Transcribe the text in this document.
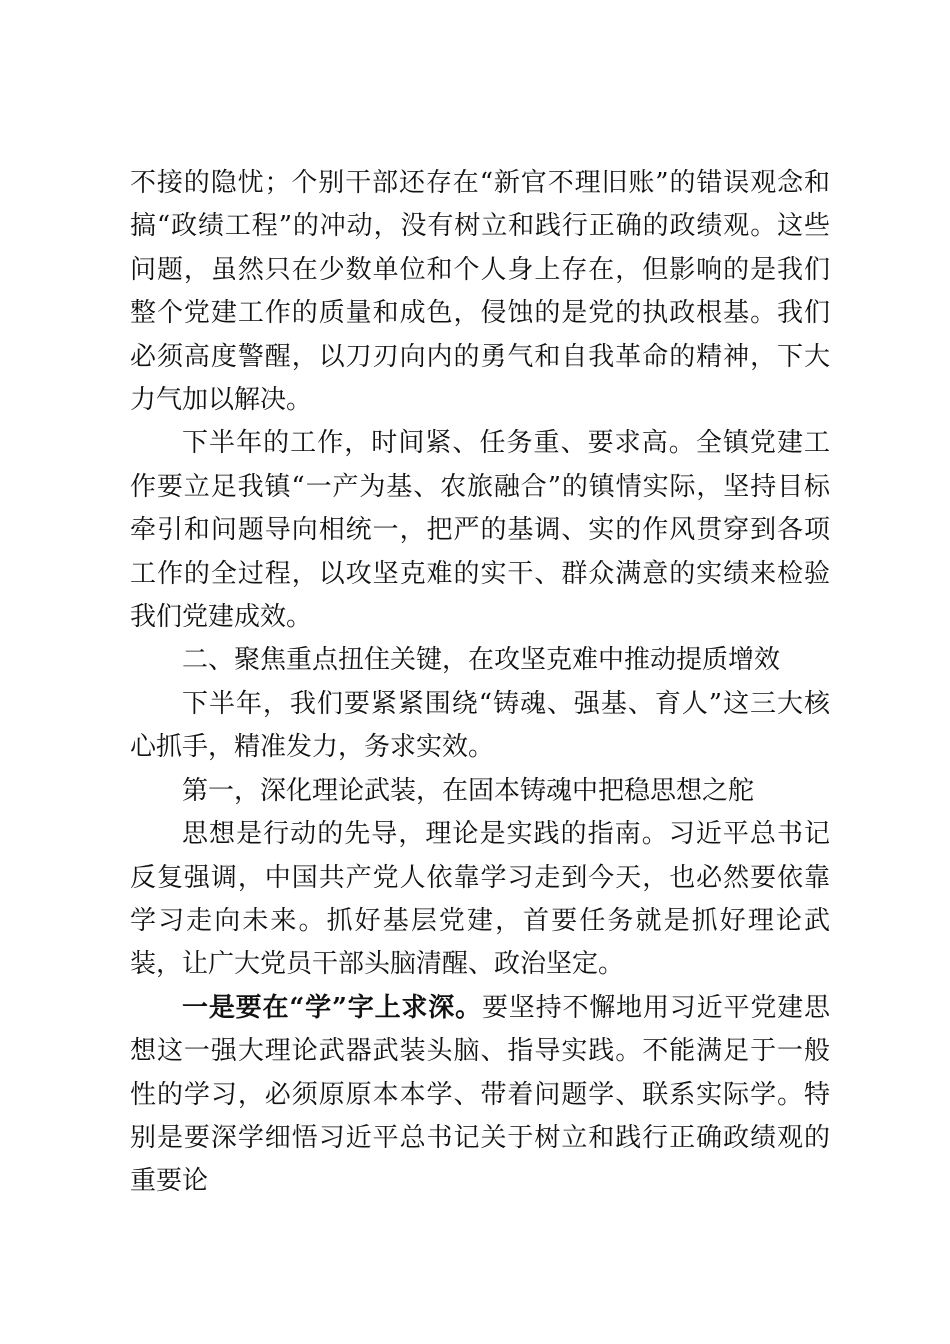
不接的隐忧；个别干部还存在“新官不理旧账”的错误观念和搞“政绩工程”的冲动，没有树立和践行正确的政绩观。这些问题，虽然只在少数单位和个人身上存在，但影响的是我们整个党建工作的质量和成色，侵蚀的是党的执政根基。我们必须高度警醒，以刀刃向内的勇气和自我革命的精神，下大力气加以解决。

下半年的工作，时间紧、任务重、要求高。全镇党建工作要立足我镇“一产为基、农旅融合”的镇情实际，坚持目标牵引和问题导向相统一，把严的基调、实的作风贯穿到各项工作的全过程，以攻坚克难的实干、群众满意的实绩来检验我们党建成效。

二、聚焦重点扭住关键，在攻坚克难中推动提质增效

下半年，我们要紧紧围绕“铸魂、强基、育人”这三大核心抓手，精准发力，务求实效。

第一，深化理论武装，在固本铸魂中把稳思想之舵

思想是行动的先导，理论是实践的指南。习近平总书记反复强调，中国共产党人依靠学习走到今天，也必然要依靠学习走向未来。抓好基层党建，首要任务就是抓好理论武装，让广大党员干部头脑清醒、政治坚定。

一是要在“学”字上求深。要坚持不懈地用习近平党建思想这一强大理论武器武装头脑、指导实践。不能满足于一般性的学习，必须原原本本学、带着问题学、联系实际学。特别是要深学细悟习近平总书记关于树立和践行正确政绩观的重要论
